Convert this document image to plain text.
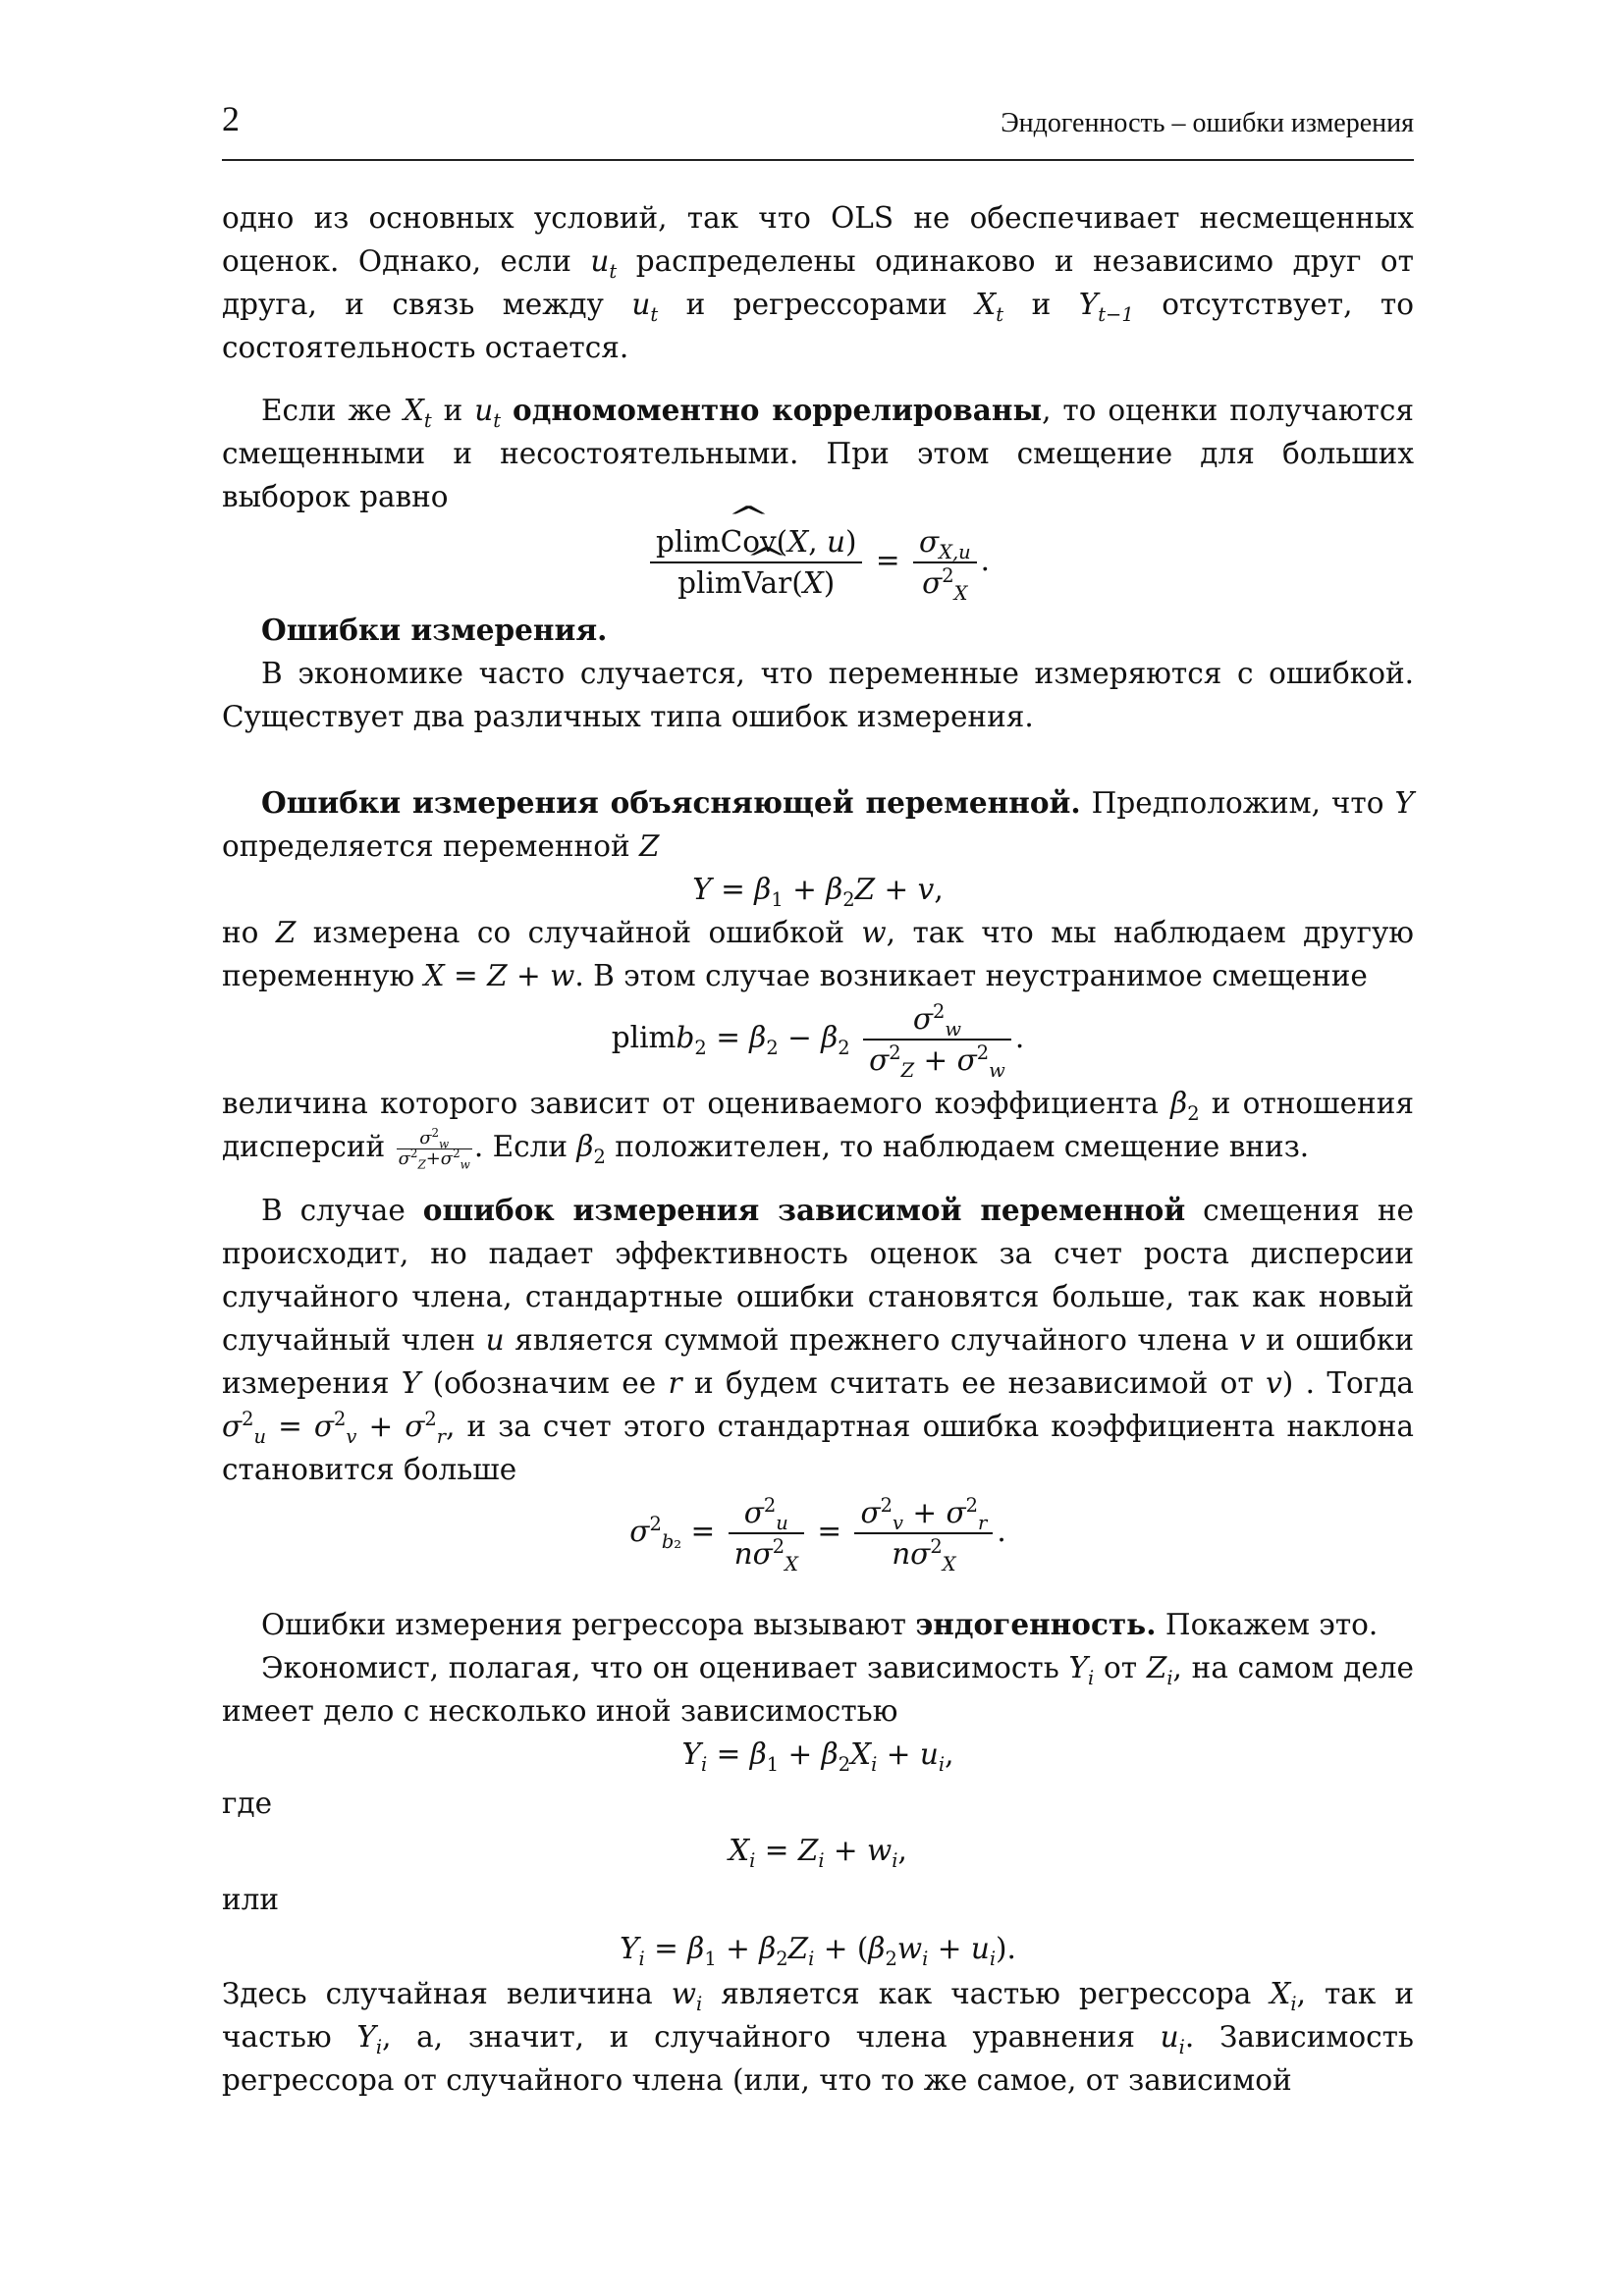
2	Эндогенность – ошибки измерения

одно из основных условий, так что OLS не обеспечивает несмещенных оценок. Однако, если $u_t$ распределены одинаково и независимо друг от друга, и связь между $u_t$ и регрессорами $X_t$ и $Y_{t-1}$ отсутствует, то состоятельность остается.

Если же $X_t$ и $u_t$ одномоментно коррелированы, то оценки получаются смещенными и несостоятельными. При этом смещение для больших выборок равно

$\frac{\text{plim\textasciicircum{} Cov(X, u)}}{\text{plim\textasciicircum{} Var(X)}} = \frac{\sigma_{X,u}}{\sigma^2_X}$ .

Ошибки измерения.

В экономике часто случается, что переменные измеряются с ошибкой. Существует два различных типа ошибок измерения.

Ошибки измерения объясняющей переменной. Предположим, что Y определяется переменной Z

$Y = \beta_1 + \beta_2Z + v$,

но Z измерена со случайной ошибкой w, так что мы наблюдаем другую переменную X = Z + w. В этом случае возникает неустранимое смещение

$plimb_2 = \beta_2 - \beta_2 \frac{\sigma^2_w}{\sigma^2_Z + \sigma^2_w}$ .

величина которого зависит от оцениваемого коэффициента $\beta_2$ и отношения дисперсий $\frac{\sigma^2_w}{\sigma^2_Z+\sigma^2_w}$ . Если $\beta_2$ положителен, то наблюдаем смещение вниз.

В случае ошибок измерения зависимой переменной смещения не происходит, но падает эффективность оценок за счет роста дисперсии случайного члена, стандартные ошибки становятся больше, так как новый случайный член u является суммой прежнего случайного члена v и ошибки измерения Y (обозначим ее r и будем считать ее независимой от v) . Тогда $\sigma^2_u = \sigma^2_v + \sigma^2_r$, и за счет этого стандартная ошибка коэффициента наклона становится больше

$\sigma^2_{b_2} = \frac{\sigma^2_u}{n\sigma^2_X} = \frac{\sigma^2_v + \sigma^2_r}{n\sigma^2_X}$ .

Ошибки измерения регрессора вызывают эндогенность. Покажем это.

Экономист, полагая, что он оценивает зависимость $Y_i$ от $Z_i$, на самом деле имеет дело с несколько иной зависимостью

$Y_i = \beta_1 + \beta_2X_i + u_i$,

где

$X_i = Z_i + w_i$,

или

$Y_i = \beta_1 + \beta_2Z_i + (\beta_2w_i + u_i)$.

Здесь случайная величина $w_i$ является как частью регрессора $X_i$, так и частью $Y_i$, а, значит, и случайного члена уравнения $u_i$. Зависимость регрессора от случайного члена (или, что то же самое, от зависимой
